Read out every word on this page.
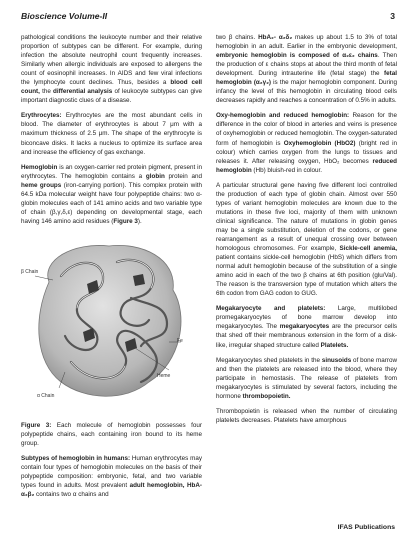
Bioscience Volume-II	3

pathological conditions the leukocyte number and their relative proportion of subtypes can be different. For example, during infection the absolute neutrophil count frequently increases. Similarly when allergic individuals are exposed to allergens the count of eosinophil increases. In AIDS and few viral infections the lymphocyte count declines. Thus, besides a blood cell count, the differential analysis of leukocyte subtypes can give important diagnostic clues of a disease.

Erythrocytes: Erythrocytes are the most abundant cells in blood. The diameter of erythrocytes is about 7 μm with a maximum thickness of 2.5 μm. The shape of the erythrocyte is biconcave disks. It lacks a nucleus to optimize its surface area and increase the efficiency of gas exchange.

Hemoglobin is an oxygen-carrier red protein pigment, present in erythrocytes. The hemoglobin contains a globin protein and heme groups (iron-carrying portion). This complex protein with 64.5 kDa molecular weight have four polypeptide chains: two α-globin molecules each of 141 amino acids and two variable type of chain (β,γ,δ,ε) depending on developmental stage, each having 146 amino acid residues (Figure 3).

β Chain
Fe
Heme
α Chain

Figure 3: Each molecule of hemoglobin possesses four polypeptide chains, each containing iron bound to its heme group.

Subtypes of hemoglobin in humans: Human erythrocytes may contain four types of hemoglobin molecules on the basis of their polypeptide composition: embryonic, fetal, and two variable types found in adults. Most prevalent adult hemoglobin, HbA- α₂β₂ contains two α chains and

two β chains. HbA₂- α₂δ₂ makes up about 1.5 to 3% of total hemoglobin in an adult. Earlier in the embryonic development, embryonic hemoglobin is composed of α₂ε₂ chains. Then the production of ε chains stops at about the third month of fetal development. During intrauterine life (fetal stage) the fetal hemoglobin (α₂γ₂) is the major hemoglobin component. During infancy the level of this hemoglobin in circulating blood cells decreases rapidly and reaches a concentration of 0.5% in adults.

Oxy-hemoglobin and reduced hemoglobin: Reason for the difference in the color of blood in arteries and veins is presence of oxyhemoglobin or reduced hemoglobin. The oxygen-saturated form of hemoglobin is Oxyhemoglobin (HbO2) (bright red in colour) which carries oxygen from the lungs to tissues and releases it. After releasing oxygen, HbO₂ becomes reduced hemoglobin (Hb) bluish-red in colour.

A particular structural gene having five different loci controlled the production of each type of globin chain. Almost over 550 types of variant hemoglobin molecules are known due to the mutations in these five loci, majority of them with unknown clinical significance. The nature of mutations in globin genes may be a single substitution, deletion of the codons, or gene rearrangement as a result of unequal crossing over between homologous chromosomes. For example, Sickle-cell anemia, patient contains sickle-cell hemoglobin (HbS) which differs from normal adult hemoglobin because of the substitution of a single amino acid in each of the two β chains at 6th position (glu/Val). The reason is the transversion type of mutation which alters the 6th codon from GAG codon to GUG.

Megakaryocyte and platelets: Large, multilobed promegakaryocytes of bone marrow develop into megakaryocytes. The megakaryocytes are the precursor cells that shed off their membranous extension in the form of a disk-like, irregular shaped structure called Platelets.

Megakaryocytes shed platelets in the sinusoids of bone marrow and then the platelets are released into the blood, where they participate in hemostasis. The release of platelets from megakaryocytes is stimulated by several factors, including the hormone thrombopoietin.

Thrombopoietin is released when the number of circulating platelets decreases. Platelets have amorphous

IFAS Publications
